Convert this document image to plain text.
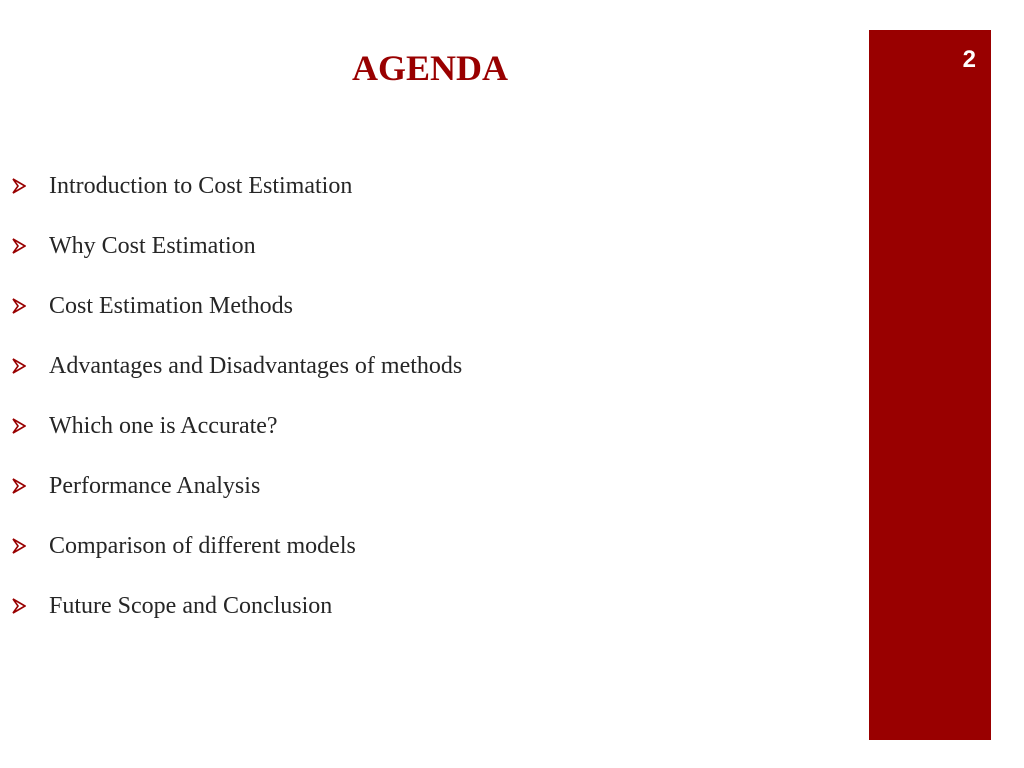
AGENDA	2
Introduction to Cost Estimation
Why Cost Estimation
Cost Estimation Methods
Advantages and Disadvantages of methods
Which one is Accurate?
Performance Analysis
Comparison of different models
Future Scope and Conclusion
